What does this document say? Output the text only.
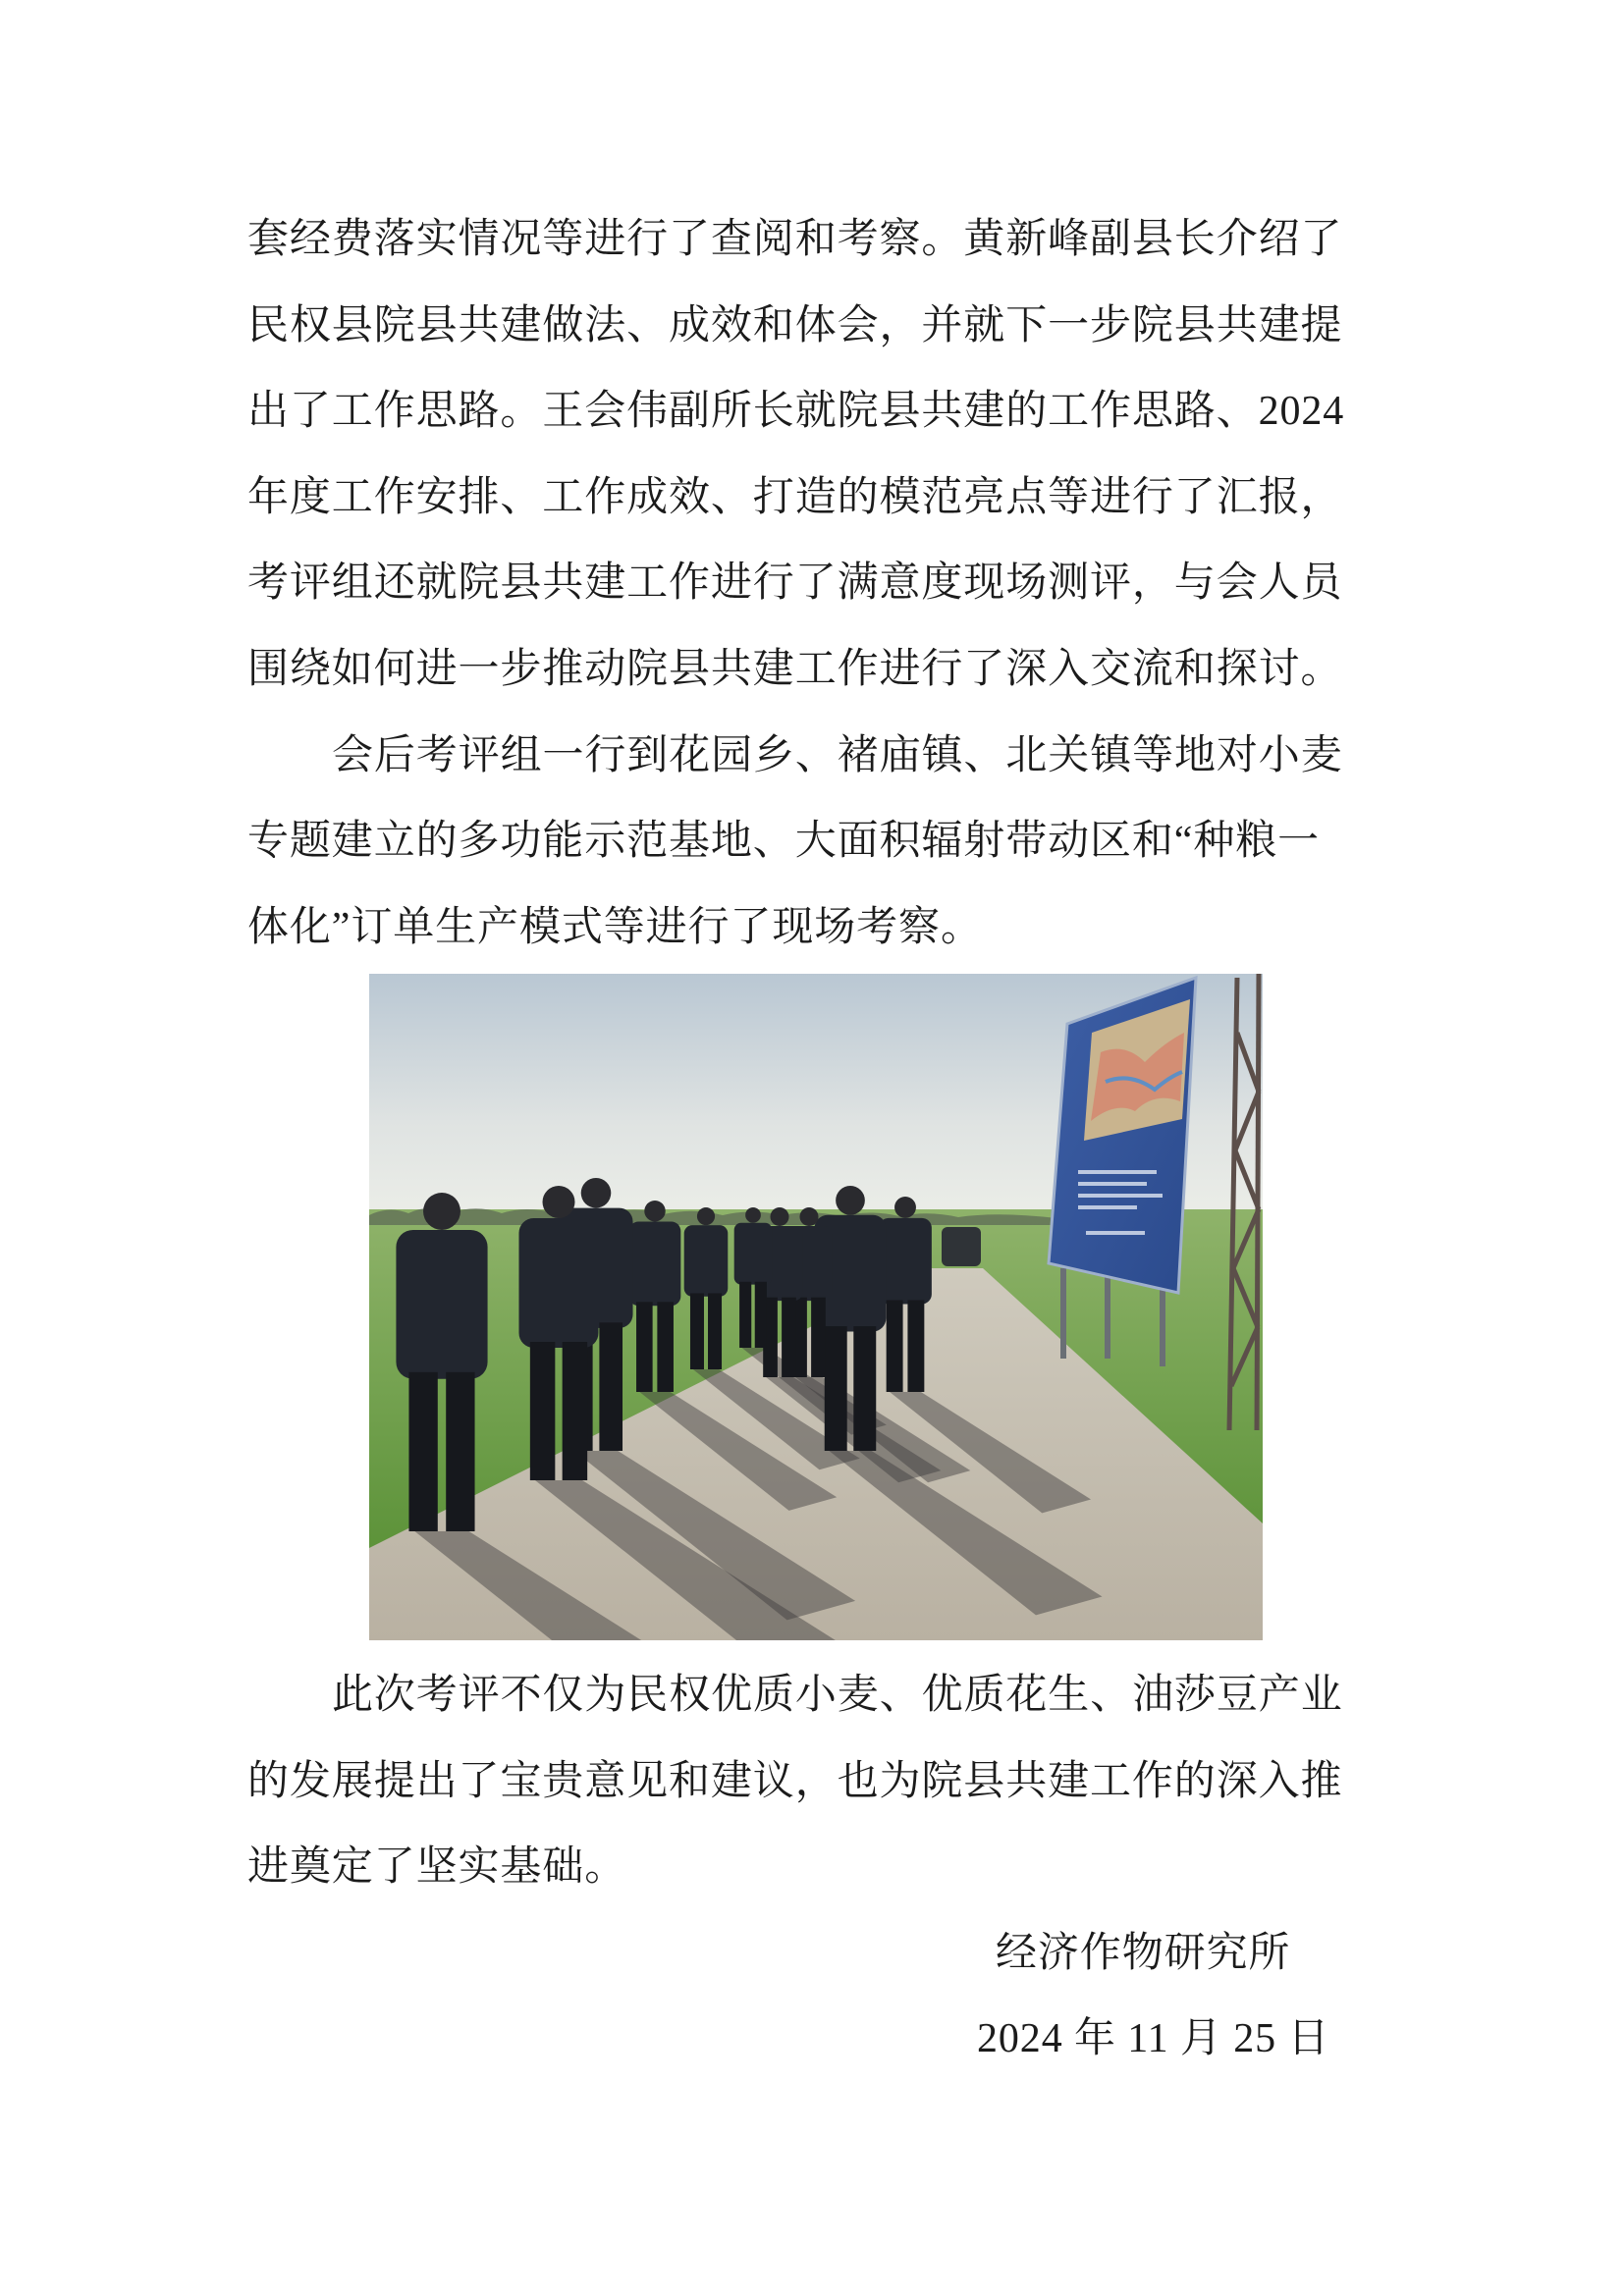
套经费落实情况等进行了查阅和考察。黄新峰副县长介绍了
民权县院县共建做法、成效和体会，并就下一步院县共建提
出了工作思路。王会伟副所长就院县共建的工作思路、2024
年度工作安排、工作成效、打造的模范亮点等进行了汇报，
考评组还就院县共建工作进行了满意度现场测评，与会人员
围绕如何进一步推动院县共建工作进行了深入交流和探讨。
会后考评组一行到花园乡、褚庙镇、北关镇等地对小麦
专题建立的多功能示范基地、大面积辐射带动区和“种粮一
体化”订单生产模式等进行了现场考察。
此次考评不仅为民权优质小麦、优质花生、油莎豆产业
的发展提出了宝贵意见和建议，也为院县共建工作的深入推
进奠定了坚实基础。
经济作物研究所
2024 年 11 月 25 日
